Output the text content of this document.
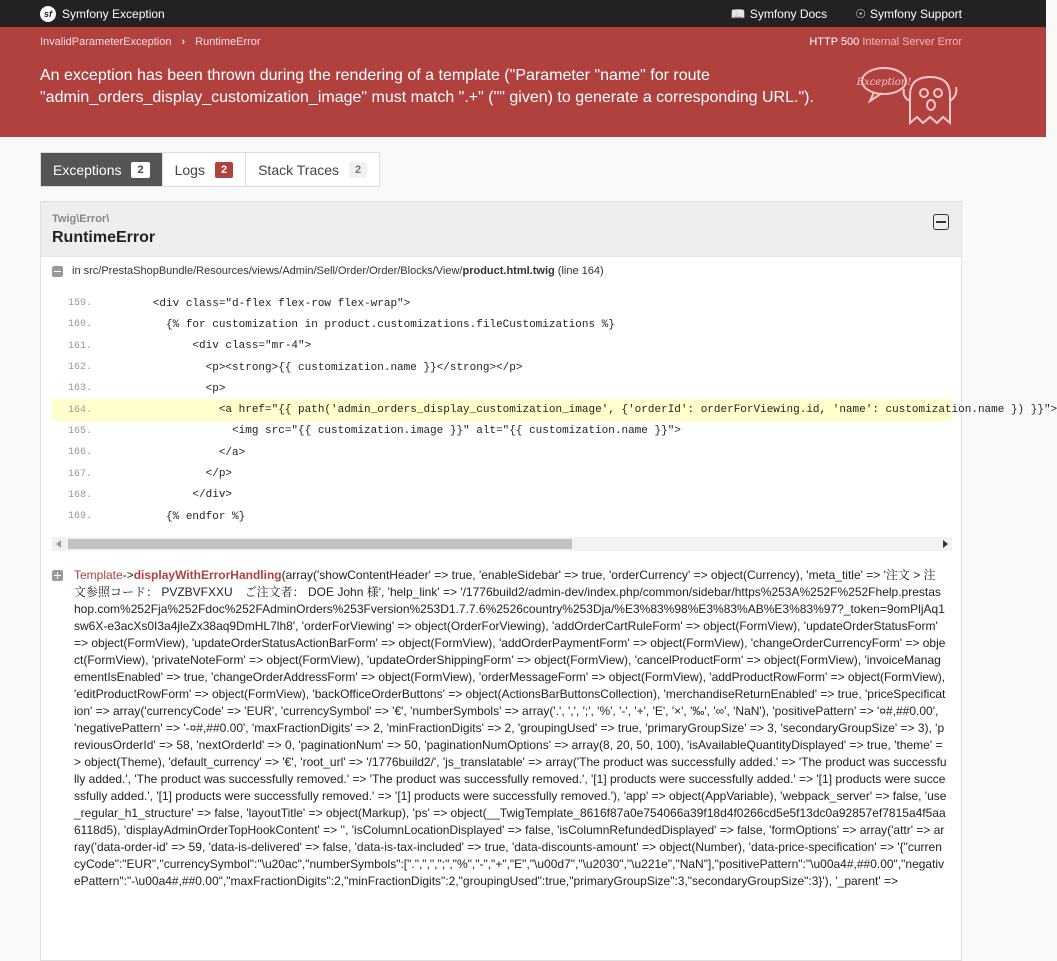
sf Symfony Exception	📖 Symfony Docs ☉ Symfony Support
InvalidParameterException › RuntimeError	HTTP 500 Internal Server Error
An exception has been thrown during the rendering of a template ("Parameter "name" for route "admin_orders_display_customization_image" must match ".+" ("" given) to generate a corresponding URL.").
Exception!
Exceptions	2	Logs	2	Stack Traces	2
Twig\Error\
RuntimeError
in src/PrestaShopBundle/Resources/views/Admin/Sell/Order/Order/Blocks/View/product.html.twig (line 164)
159. <div class="d-flex flex-row flex-wrap">
160. {% for customization in product.customizations.fileCustomizations %}
161. <div class="mr-4">
162. <p><strong>{{ customization.name }}</strong></p>
163. <p>
164. <a href="{{ path('admin_orders_display_customization_image', {'orderId': orderForViewing.id, 'name': customization.name }) }}">
165. <img src="{{ customization.image }}" alt="{{ customization.name }}">
166. </a>
167. </p>
168. </div>
169. {% endfor %}
Template->displayWithErrorHandling(array('showContentHeader' => true, 'enableSidebar' => true, 'orderCurrency' => object(Currency), 'meta_title' => '注文 > 注文参照コード： PVZBVFXXU　ご注文者： DOE John 様', 'help_link' => '/1776build2/admin-dev/index.php/common/sidebar/https%253A%252F%252Fhelp.prestashop.com%252Fja%252Fdoc%252FAdminOrders%253Fversion%253D1.7.7.6%2526country%253Dja/%E3%83%98%E3%83%AB%E3%83%97?_token=9omPljAq1sw6X-e3acXs0I3a4jleZx38aq9DmHL7lh8', 'orderForViewing' => object(OrderForViewing), 'addOrderCartRuleForm' => object(FormView), 'updateOrderStatusForm' => object(FormView), 'updateOrderStatusActionBarForm' => object(FormView), 'addOrderPaymentForm' => object(FormView), 'changeOrderCurrencyForm' => object(FormView), 'privateNoteForm' => object(FormView), 'updateOrderShippingForm' => object(FormView), 'cancelProductForm' => object(FormView), 'invoiceManagementIsEnabled' => true, 'changeOrderAddressForm' => object(FormView), 'orderMessageForm' => object(FormView), 'addProductRowForm' => object(FormView), 'editProductRowForm' => object(FormView), 'backOfficeOrderButtons' => object(ActionsBarButtonsCollection), 'merchandiseReturnEnabled' => true, 'priceSpecification' => array('currencyCode' => 'EUR', 'currencySymbol' => '€', 'numberSymbols' => array('.', ',', ';', '%', '-', '+', 'E', '×', '‰', '∞', 'NaN'), 'positivePattern' => '¤#,##0.00', 'negativePattern' => '-¤#,##0.00', 'maxFractionDigits' => 2, 'minFractionDigits' => 2, 'groupingUsed' => true, 'primaryGroupSize' => 3, 'secondaryGroupSize' => 3), 'previousOrderId' => 58, 'nextOrderId' => 0, 'paginationNum' => 50, 'paginationNumOptions' => array(8, 20, 50, 100), 'isAvailableQuantityDisplayed' => true, 'theme' => object(Theme), 'default_currency' => '€', 'root_url' => '/1776build2/', 'js_translatable' => array('The product was successfully added.' => 'The product was successfully added.', 'The product was successfully removed.' => 'The product was successfully removed.', '[1] products were successfully added.' => '[1] products were successfully added.', '[1] products were successfully removed.' => '[1] products were successfully removed.'), 'app' => object(AppVariable), 'webpack_server' => false, 'use_regular_h1_structure' => false, 'layoutTitle' => object(Markup), 'ps' => object(__TwigTemplate_8616f87a0e754066a39f18d4f0266cd5e5f13dc0a92857ef7815a4f5aa6118d5), 'displayAdminOrderTopHookContent' => '', 'isColumnLocationDisplayed' => false, 'isColumnRefundedDisplayed' => false, 'formOptions' => array('attr' => array('data-order-id' => 59, 'data-is-delivered' => false, 'data-is-tax-included' => true, 'data-discounts-amount' => object(Number), 'data-price-specification' => '{"currencyCode":"EUR","currencySymbol":"\u20ac","numberSymbols":[".",",",";","%","-","+","E","\u00d7","\u2030","\u221e","NaN"],"positivePattern":"\u00a4#,##0.00","negativePattern":"-\u00a4#,##0.00","maxFractionDigits":2,"minFractionDigits":2,"groupingUsed":true,"primaryGroupSize":3,"secondaryGroupSize":3}'), '_parent' =>
